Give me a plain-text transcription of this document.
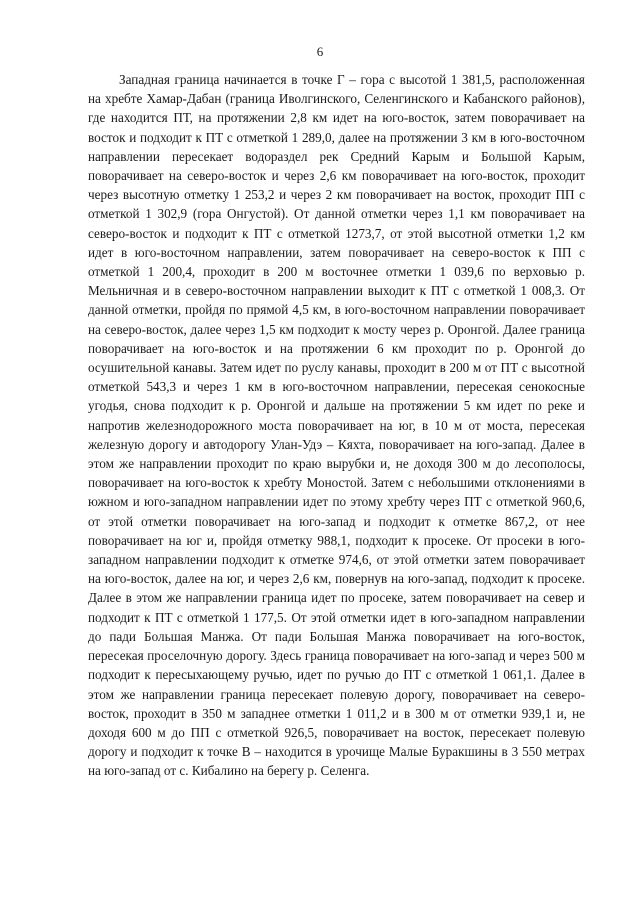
6

Западная граница начинается в точке Г – гора с высотой 1 381,5, расположенная на хребте Хамар-Дабан (граница Иволгинского, Селенгинского и Кабанского районов), где находится ПТ, на протяжении 2,8 км идет на юго-восток, затем поворачивает на восток и подходит к ПТ с отметкой 1 289,0, далее на протяжении 3 км в юго-восточном направлении пересекает водораздел рек Средний Карым и Большой Карым, поворачивает на северо-восток и через 2,6 км поворачивает на юго-восток, проходит через высотную отметку 1 253,2 и через 2 км поворачивает на восток, проходит ПП с отметкой 1 302,9 (гора Онгустой). От данной отметки через 1,1 км поворачивает на северо-восток и подходит к ПТ с отметкой 1273,7, от этой высотной отметки 1,2 км идет в юго-восточном направлении, затем поворачивает на северо-восток к ПП с отметкой 1 200,4, проходит в 200 м восточнее отметки 1 039,6 по верховью р. Мельничная и в северо-восточном направлении выходит к ПТ с отметкой 1 008,3. От данной отметки, пройдя по прямой 4,5 км, в юго-восточном направлении поворачивает на северо-восток, далее через 1,5 км подходит к мосту через р. Оронгой. Далее граница поворачивает на юго-восток и на протяжении 6 км проходит по р. Оронгой до осушительной канавы. Затем идет по руслу канавы, проходит в 200 м от ПТ с высотной отметкой 543,3 и через 1 км в юго-восточном направлении, пересекая сенокосные угодья, снова подходит к р. Оронгой и дальше на протяжении 5 км идет по реке и напротив железнодорожного моста поворачивает на юг, в 10 м от моста, пересекая железную дорогу и автодорогу Улан-Удэ – Кяхта, поворачивает на юго-запад. Далее в этом же направлении проходит по краю вырубки и, не доходя 300 м до лесополосы, поворачивает на юго-восток к хребту Моностой. Затем с небольшими отклонениями в южном и юго-западном направлении идет по этому хребту через ПТ с отметкой 960,6, от этой отметки поворачивает на юго-запад и подходит к отметке 867,2, от нее поворачивает на юг и, пройдя отметку 988,1, подходит к просеке. От просеки в юго-западном направлении подходит к отметке 974,6, от этой отметки затем поворачивает на юго-восток, далее на юг, и через 2,6 км, повернув на юго-запад, подходит к просеке. Далее в этом же направлении граница идет по просеке, затем поворачивает на север и подходит к ПТ с отметкой 1 177,5. От этой отметки идет в юго-западном направлении до пади Большая Манжа. От пади Большая Манжа поворачивает на юго-восток, пересекая проселочную дорогу. Здесь граница поворачивает на юго-запад и через 500 м подходит к пересыхающему ручью, идет по ручью до ПТ с отметкой 1 061,1. Далее в этом же направлении граница пересекает полевую дорогу, поворачивает на северо-восток, проходит в 350 м западнее отметки 1 011,2 и в 300 м от отметки 939,1 и, не доходя 600 м до ПП с отметкой 926,5, поворачивает на восток, пересекает полевую дорогу и подходит к точке В – находится в урочище Малые Буракшины в 3 550 метрах на юго-запад от с. Кибалино на берегу р. Селенга.
